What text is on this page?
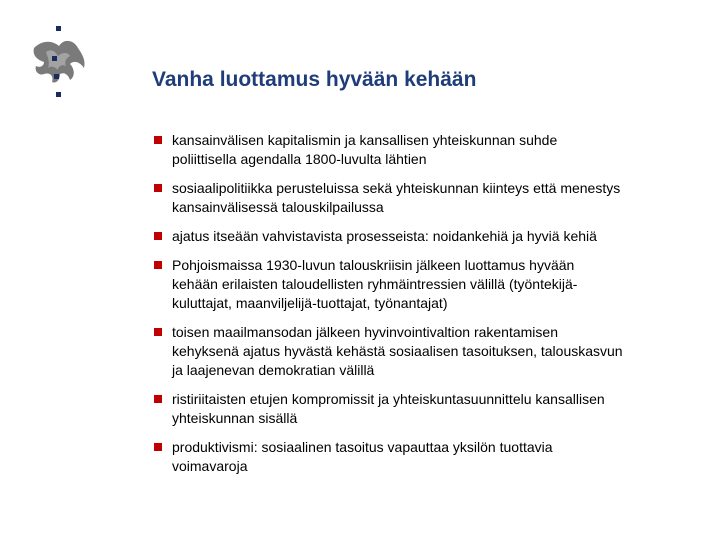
Vanha luottamus hyvään kehään
kansainvälisen kapitalismin ja kansallisen yhteiskunnan suhde
poliittisella agendalla 1800-luvulta lähtien
sosiaalipolitiikka perusteluissa sekä yhteiskunnan kiinteys että menestys
kansainvälisessä talouskilpailussa
ajatus itseään vahvistavista prosesseista: noidankehiä ja hyviä kehiä
Pohjoismaissa 1930-luvun talouskriisin jälkeen luottamus hyvään
kehään erilaisten taloudellisten ryhmäintressien välillä (työntekijä-
kuluttajat, maanviljelijä-tuottajat, työnantajat)
toisen maailmansodan jälkeen hyvinvointivaltion rakentamisen
kehyksenä ajatus hyvästä kehästä sosiaalisen tasoituksen, talouskasvun
ja laajenevan demokratian välillä
ristiriitaisten etujen kompromissit ja yhteiskuntasuunnittelu kansallisen
yhteiskunnan sisällä
produktivismi: sosiaalinen tasoitus vapauttaa yksilön tuottavia
voimavaroja
